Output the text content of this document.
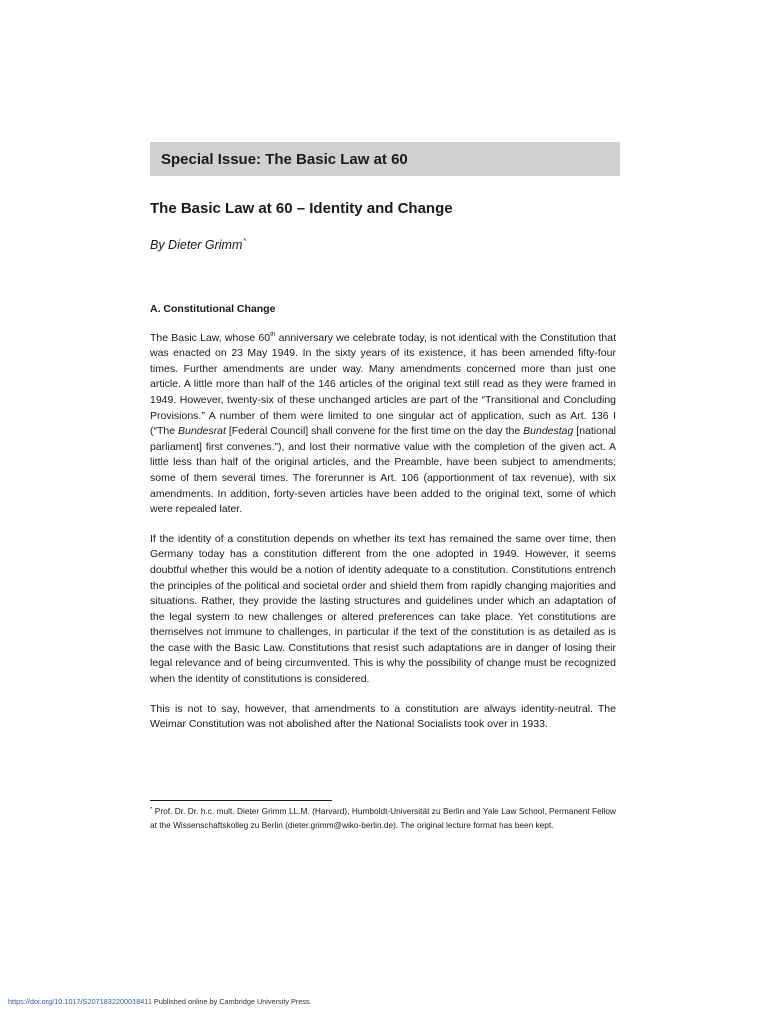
Special Issue: The Basic Law at 60
The Basic Law at 60 – Identity and Change

By Dieter Grimm*

A. Constitutional Change

The Basic Law, whose 60th anniversary we celebrate today, is not identical with the Constitution that was enacted on 23 May 1949. In the sixty years of its existence, it has been amended fifty-four times. Further amendments are under way. Many amendments concerned more than just one article. A little more than half of the 146 articles of the original text still read as they were framed in 1949. However, twenty-six of these unchanged articles are part of the “Transitional and Concluding Provisions.” A number of them were limited to one singular act of application, such as Art. 136 I (“The Bundesrat [Federal Council] shall convene for the first time on the day the Bundestag [national parliament] first convenes.”), and lost their normative value with the completion of the given act. A little less than half of the original articles, and the Preamble, have been subject to amendments; some of them several times. The forerunner is Art. 106 (apportionment of tax revenue), with six amendments. In addition, forty-seven articles have been added to the original text, some of which were repealed later.

If the identity of a constitution depends on whether its text has remained the same over time, then Germany today has a constitution different from the one adopted in 1949. However, it seems doubtful whether this would be a notion of identity adequate to a constitution. Constitutions entrench the principles of the political and societal order and shield them from rapidly changing majorities and situations. Rather, they provide the lasting structures and guidelines under which an adaptation of the legal system to new challenges or altered preferences can take place. Yet constitutions are themselves not immune to challenges, in particular if the text of the constitution is as detailed as is the case with the Basic Law. Constitutions that resist such adaptations are in danger of losing their legal relevance and of being circumvented. This is why the possibility of change must be recognized when the identity of constitutions is considered.

This is not to say, however, that amendments to a constitution are always identity-neutral. The Weimar Constitution was not abolished after the National Socialists took over in 1933.

* Prof. Dr. Dr. h.c. mult. Dieter Grimm LL.M. (Harvard), Humboldt-Universität zu Berlin and Yale Law School, Permanent Fellow at the Wissenschaftskolleg zu Berlin (dieter.grimm@wiko-berlin.de). The original lecture format has been kept.

https://doi.org/10.1017/S2071832200018411 Published online by Cambridge University Press
